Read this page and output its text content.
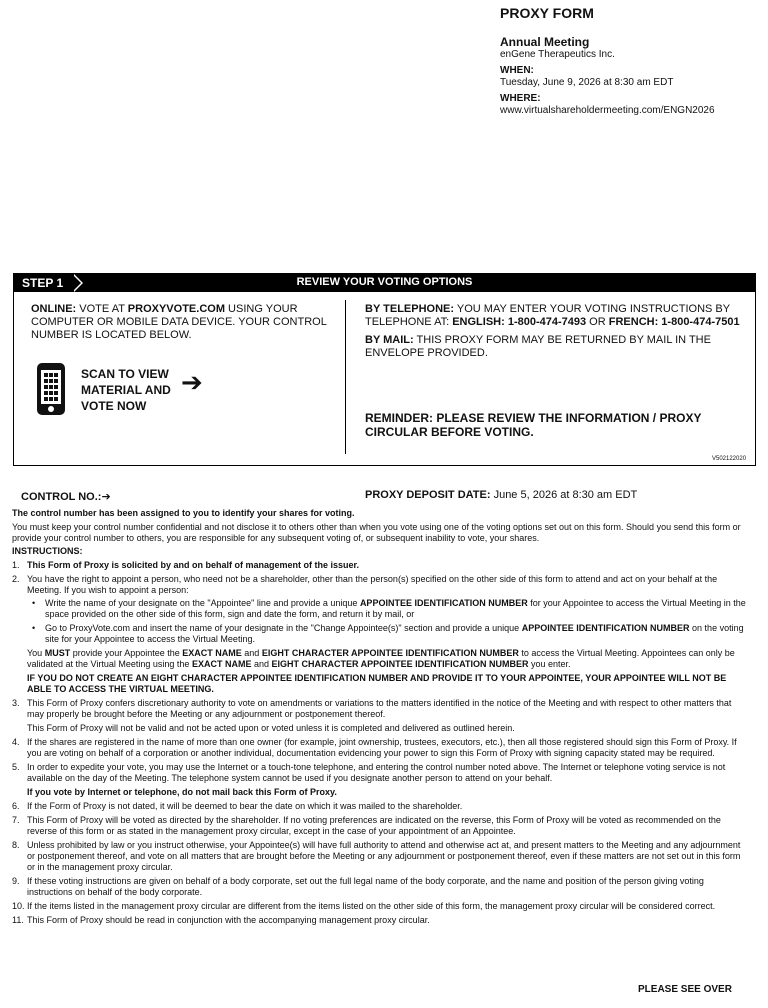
PROXY FORM
Annual Meeting
enGene Therapeutics Inc.
WHEN:
Tuesday, June 9, 2026 at 8:30 am EDT
WHERE:
www.virtualshareholdermeeting.com/ENGN2026
REVIEW YOUR VOTING OPTIONS
STEP 1
ONLINE: VOTE AT PROXYVOTE.COM USING YOUR COMPUTER OR MOBILE DATA DEVICE. YOUR CONTROL NUMBER IS LOCATED BELOW.
SCAN TO VIEW MATERIAL AND VOTE NOW
➔
BY TELEPHONE: YOU MAY ENTER YOUR VOTING INSTRUCTIONS BY TELEPHONE AT: ENGLISH: 1-800-474-7493 OR FRENCH: 1-800-474-7501
BY MAIL: THIS PROXY FORM MAY BE RETURNED BY MAIL IN THE ENVELOPE PROVIDED.
REMINDER: PLEASE REVIEW THE INFORMATION / PROXY CIRCULAR BEFORE VOTING.
V502122020
CONTROL NO.:➔	PROXY DEPOSIT DATE: June 5, 2026 at 8:30 am EDT

The control number has been assigned to you to identify your shares for voting.

You must keep your control number confidential and not disclose it to others other than when you vote using one of the voting options set out on this form. Should you send this form or provide your control number to others, you are responsible for any subsequent voting of, or subsequent inability to vote, your shares.

INSTRUCTIONS:

1. This Form of Proxy is solicited by and on behalf of management of the issuer.
2. You have the right to appoint a person, who need not be a shareholder, other than the person(s) specified on the other side of this form to attend and act on your behalf at the Meeting. If you wish to appoint a person:
• Write the name of your designate on the "Appointee" line and provide a unique APPOINTEE IDENTIFICATION NUMBER for your Appointee to access the Virtual Meeting in the space provided on the other side of this form, sign and date the form, and return it by mail, or
• Go to ProxyVote.com and insert the name of your designate in the "Change Appointee(s)" section and provide a unique APPOINTEE IDENTIFICATION NUMBER on the voting site for your Appointee to access the Virtual Meeting.
You MUST provide your Appointee the EXACT NAME and EIGHT CHARACTER APPOINTEE IDENTIFICATION NUMBER to access the Virtual Meeting. Appointees can only be validated at the Virtual Meeting using the EXACT NAME and EIGHT CHARACTER APPOINTEE IDENTIFICATION NUMBER you enter.
IF YOU DO NOT CREATE AN EIGHT CHARACTER APPOINTEE IDENTIFICATION NUMBER AND PROVIDE IT TO YOUR APPOINTEE, YOUR APPOINTEE WILL NOT BE ABLE TO ACCESS THE VIRTUAL MEETING.
3. This Form of Proxy confers discretionary authority to vote on amendments or variations to the matters identified in the notice of the Meeting and with respect to other matters that may properly be brought before the Meeting or any adjournment or postponement thereof.
This Form of Proxy will not be valid and not be acted upon or voted unless it is completed and delivered as outlined herein.
4. If the shares are registered in the name of more than one owner (for example, joint ownership, trustees, executors, etc.), then all those registered should sign this Form of Proxy. If you are voting on behalf of a corporation or another individual, documentation evidencing your power to sign this Form of Proxy with signing capacity stated may be required.
5. In order to expedite your vote, you may use the Internet or a touch-tone telephone, and entering the control number noted above. The Internet or telephone voting service is not available on the day of the Meeting. The telephone system cannot be used if you designate another person to attend on your behalf.
If you vote by Internet or telephone, do not mail back this Form of Proxy.
6. If the Form of Proxy is not dated, it will be deemed to bear the date on which it was mailed to the shareholder.
7. This Form of Proxy will be voted as directed by the shareholder. If no voting preferences are indicated on the reverse, this Form of Proxy will be voted as recommended on the reverse of this form or as stated in the management proxy circular, except in the case of your appointment of an Appointee.
8. Unless prohibited by law or you instruct otherwise, your Appointee(s) will have full authority to attend and otherwise act at, and present matters to the Meeting and any adjournment or postponement thereof, and vote on all matters that are brought before the Meeting or any adjournment or postponement thereof, even if these matters are not set out in this form or in the management proxy circular.
9. If these voting instructions are given on behalf of a body corporate, set out the full legal name of the body corporate, and the name and position of the person giving voting instructions on behalf of the body corporate.
10. If the items listed in the management proxy circular are different from the items listed on the other side of this form, the management proxy circular will be considered correct.
11. This Form of Proxy should be read in conjunction with the accompanying management proxy circular.
PLEASE SEE OVER
